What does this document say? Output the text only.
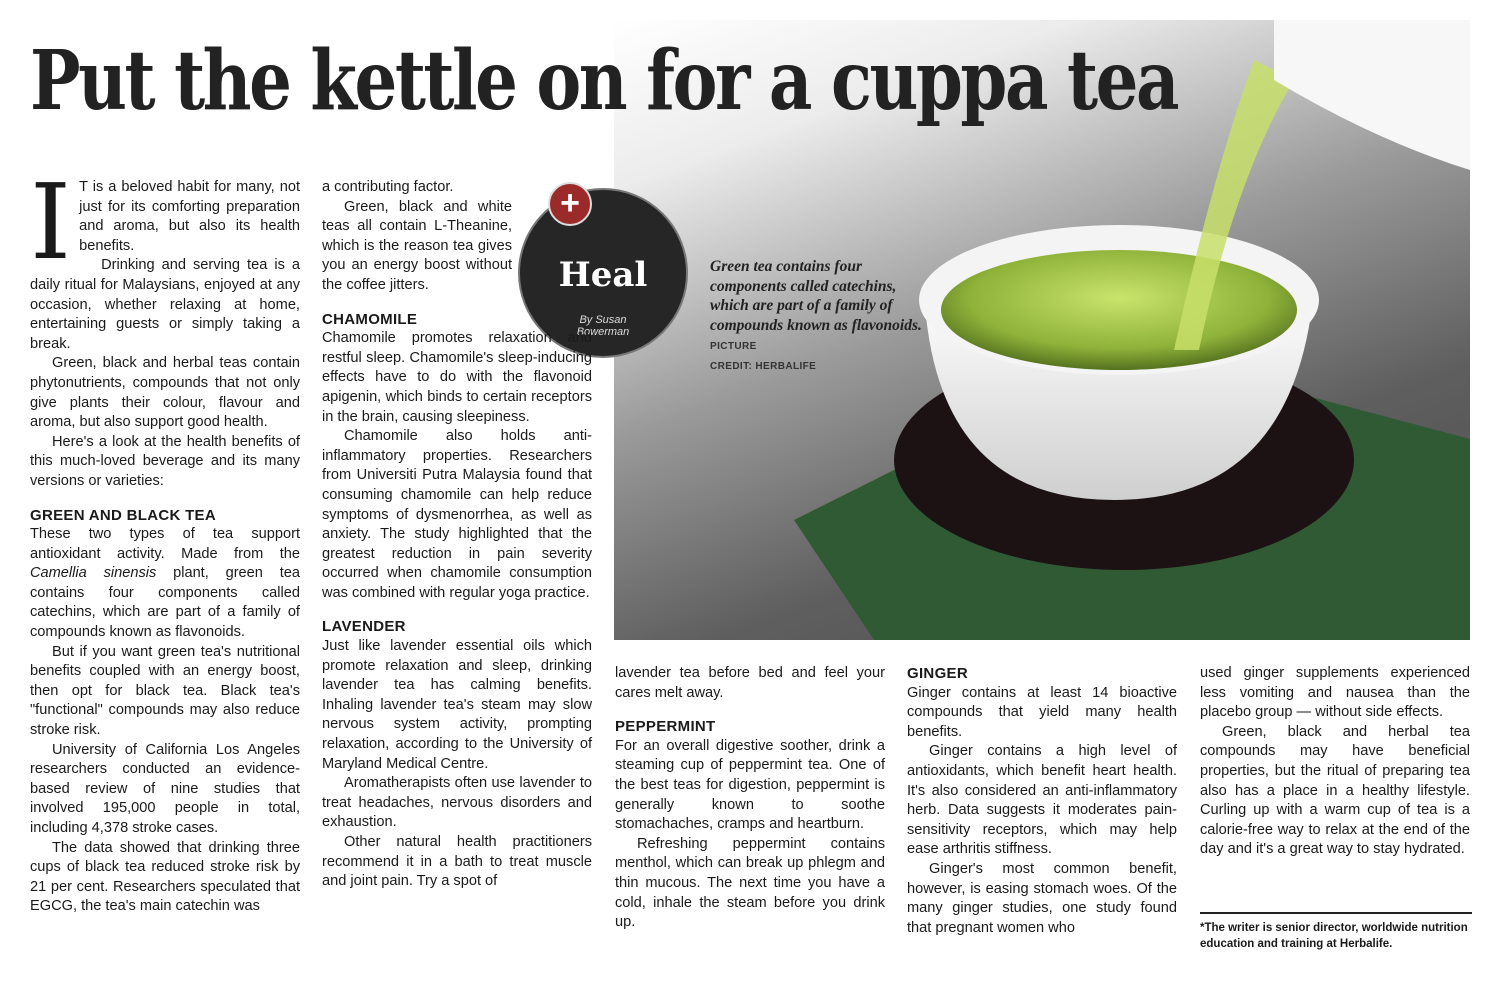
Put the kettle on for a cuppa tea
+
Heal
By Susan
Bowerman
Green tea contains four components called catechins, which are part of a family of compounds known as flavonoids. PICTURE
CREDIT: HERBALIFE

I T is a beloved habit for many, not just for its comforting preparation and aroma, but also its health benefits.

Drinking and serving tea is a daily ritual for Malaysians, enjoyed at any occasion, whether relaxing at home, entertaining guests or simply taking a break.

Green, black and herbal teas contain phytonutrients, compounds that not only give plants their colour, flavour and aroma, but also support good health.

Here's a look at the health benefits of this much-loved beverage and its many versions or varieties:

GREEN AND BLACK TEA

These two types of tea support antioxidant activity. Made from the Camellia sinensis plant, green tea contains four components called catechins, which are part of a family of compounds known as flavonoids.

But if you want green tea's nutritional benefits coupled with an energy boost, then opt for black tea. Black tea's "functional" compounds may also reduce stroke risk.

University of California Los Angeles researchers conducted an evidence-based review of nine studies that involved 195,000 people in total, including 4,378 stroke cases.

The data showed that drinking three cups of black tea reduced stroke risk by 21 per cent. Researchers speculated that EGCG, the tea's main catechin was

a contributing factor.

Green, black and white teas all contain L-Theanine, which is the reason tea gives you an energy boost without the coffee jitters.

CHAMOMILE

Chamomile promotes relaxation and restful sleep. Chamomile's sleep-inducing effects have to do with the flavonoid apigenin, which binds to certain receptors in the brain, causing sleepiness.

Chamomile also holds anti-inflammatory properties. Researchers from Universiti Putra Malaysia found that consuming chamomile can help reduce symptoms of dysmenorrhea, as well as anxiety. The study highlighted that the greatest reduction in pain severity occurred when chamomile consumption was combined with regular yoga practice.

LAVENDER

Just like lavender essential oils which promote relaxation and sleep, drinking lavender tea has calming benefits. Inhaling lavender tea's steam may slow nervous system activity, prompting relaxation, according to the University of Maryland Medical Centre.

Aromatherapists often use lavender to treat headaches, nervous disorders and exhaustion.

Other natural health practitioners recommend it in a bath to treat muscle and joint pain. Try a spot of

lavender tea before bed and feel your cares melt away.

PEPPERMINT

For an overall digestive soother, drink a steaming cup of peppermint tea. One of the best teas for digestion, peppermint is generally known to soothe stomachaches, cramps and heartburn.

Refreshing peppermint contains menthol, which can break up phlegm and thin mucous. The next time you have a cold, inhale the steam before you drink up.

GINGER

Ginger contains at least 14 bioactive compounds that yield many health benefits.

Ginger contains a high level of antioxidants, which benefit heart health. It's also considered an anti-inflammatory herb. Data suggests it moderates pain-sensitivity receptors, which may help ease arthritis stiffness.

Ginger's most common benefit, however, is easing stomach woes. Of the many ginger studies, one study found that pregnant women who

used ginger supplements experienced less vomiting and nausea than the placebo group — without side effects.

Green, black and herbal tea compounds may have beneficial properties, but the ritual of preparing tea also has a place in a healthy lifestyle. Curling up with a warm cup of tea is a calorie-free way to relax at the end of the day and it's a great way to stay hydrated.

*The writer is senior director, worldwide nutrition education and training at Herbalife.
